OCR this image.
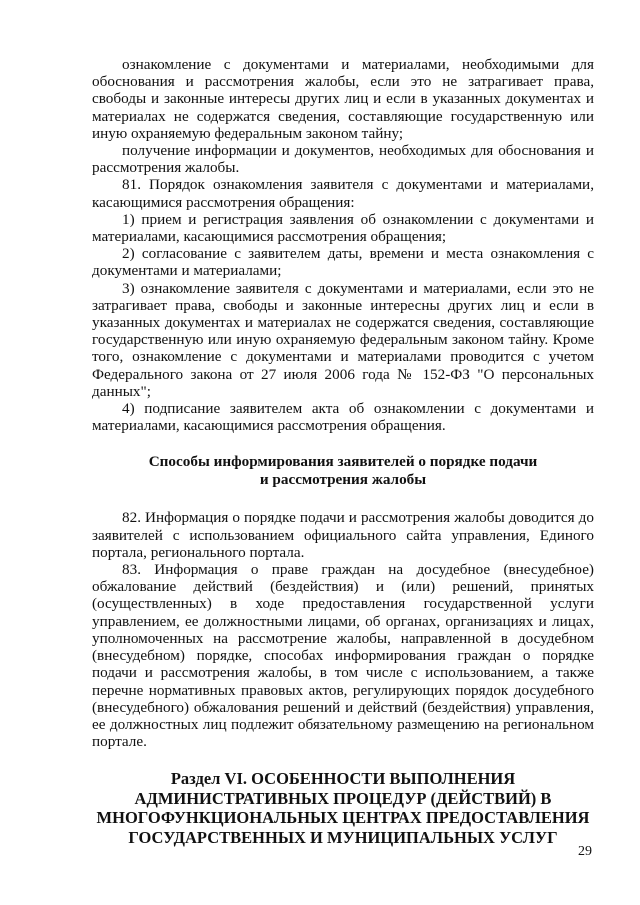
ознакомление с документами и материалами, необходимыми для обоснования и рассмотрения жалобы, если это не затрагивает права, свободы и законные интересы других лиц и если в указанных документах и материалах не содержатся сведения, составляющие государственную или иную охраняемую федеральным законом тайну;

получение информации и документов, необходимых для обоснования и рассмотрения жалобы.

81. Порядок ознакомления заявителя с документами и материалами, касающимися рассмотрения обращения:

1) прием и регистрация заявления об ознакомлении с документами и материалами, касающимися рассмотрения обращения;

2) согласование с заявителем даты, времени и места ознакомления с документами и материалами;

3) ознакомление заявителя с документами и материалами, если это не затрагивает права, свободы и законные интересны других лиц и если в указанных документах и материалах не содержатся сведения, составляющие государственную или иную охраняемую федеральным законом тайну. Кроме того, ознакомление с документами и материалами проводится с учетом Федерального закона от 27 июля 2006 года № 152-ФЗ "О персональных данных";

4) подписание заявителем акта об ознакомлении с документами и материалами, касающимися рассмотрения обращения.

Способы информирования заявителей о порядке подачи
и рассмотрения жалобы

82. Информация о порядке подачи и рассмотрения жалобы доводится до заявителей с использованием официального сайта управления, Единого портала, регионального портала.

83. Информация о праве граждан на досудебное (внесудебное) обжалование действий (бездействия) и (или) решений, принятых (осуществленных) в ходе предоставления государственной услуги управлением, ее должностными лицами, об органах, организациях и лицах, уполномоченных на рассмотрение жалобы, направленной в досудебном (внесудебном) порядке, способах информирования граждан о порядке подачи и рассмотрения жалобы, в том числе с использованием, а также перечне нормативных правовых актов, регулирующих порядок досудебного (внесудебного) обжалования решений и действий (бездействия) управления, ее должностных лиц подлежит обязательному размещению на региональном портале.

Раздел VI. ОСОБЕННОСТИ ВЫПОЛНЕНИЯ
АДМИНИСТРАТИВНЫХ ПРОЦЕДУР (ДЕЙСТВИЙ) В
МНОГОФУНКЦИОНАЛЬНЫХ ЦЕНТРАХ ПРЕДОСТАВЛЕНИЯ
ГОСУДАРСТВЕННЫХ И МУНИЦИПАЛЬНЫХ УСЛУГ
29
